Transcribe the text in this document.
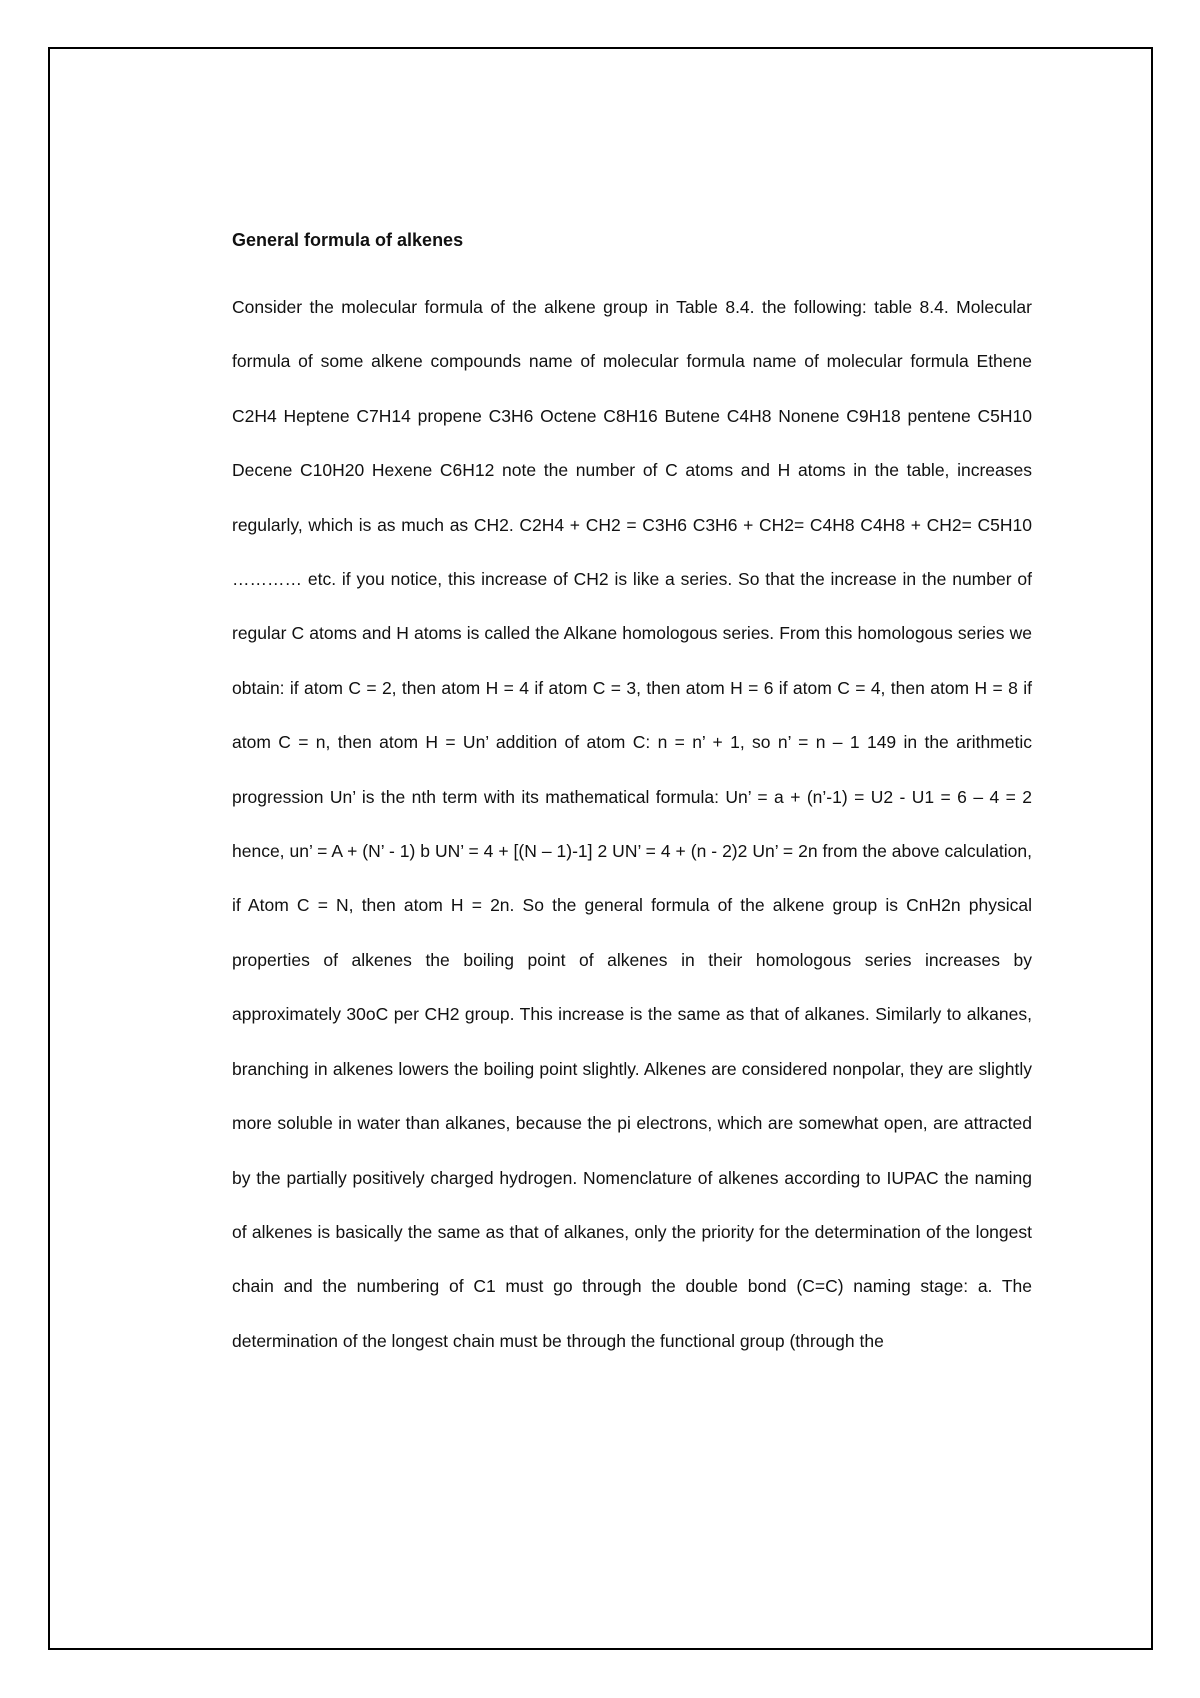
General formula of alkenes

Consider the molecular formula of the alkene group in Table 8.4. the following: table 8.4. Molecular formula of some alkene compounds name of molecular formula name of molecular formula Ethene C2H4 Heptene C7H14 propene C3H6 Octene C8H16 Butene C4H8 Nonene C9H18 pentene C5H10 Decene C10H20 Hexene C6H12 note the number of C atoms and H atoms in the table, increases regularly, which is as much as CH2. C2H4 + CH2 = C3H6 C3H6 + CH2= C4H8 C4H8 + CH2= C5H10 ………… etc. if you notice, this increase of CH2 is like a series. So that the increase in the number of regular C atoms and H atoms is called the Alkane homologous series. From this homologous series we obtain: if atom C = 2, then atom H = 4 if atom C = 3, then atom H = 6 if atom C = 4, then atom H = 8 if atom C = n, then atom H = Un’ addition of atom C: n = n’ + 1, so n’ = n – 1 149 in the arithmetic progression Un’ is the nth term with its mathematical formula: Un’ = a + (n’-1) = U2 - U1 = 6 – 4 = 2 hence, un’ = A + (N’ - 1) b UN’ = 4 + [(N – 1)-1] 2 UN’ = 4 + (n - 2)2 Un’ = 2n from the above calculation, if Atom C = N, then atom H = 2n. So the general formula of the alkene group is CnH2n physical properties of alkenes the boiling point of alkenes in their homologous series increases by approximately 30oC per CH2 group. This increase is the same as that of alkanes. Similarly to alkanes, branching in alkenes lowers the boiling point slightly. Alkenes are considered nonpolar, they are slightly more soluble in water than alkanes, because the pi electrons, which are somewhat open, are attracted by the partially positively charged hydrogen. Nomenclature of alkenes according to IUPAC the naming of alkenes is basically the same as that of alkanes, only the priority for the determination of the longest chain and the numbering of C1 must go through the double bond (C=C) naming stage: a. The determination of the longest chain must be through the functional group (through the
